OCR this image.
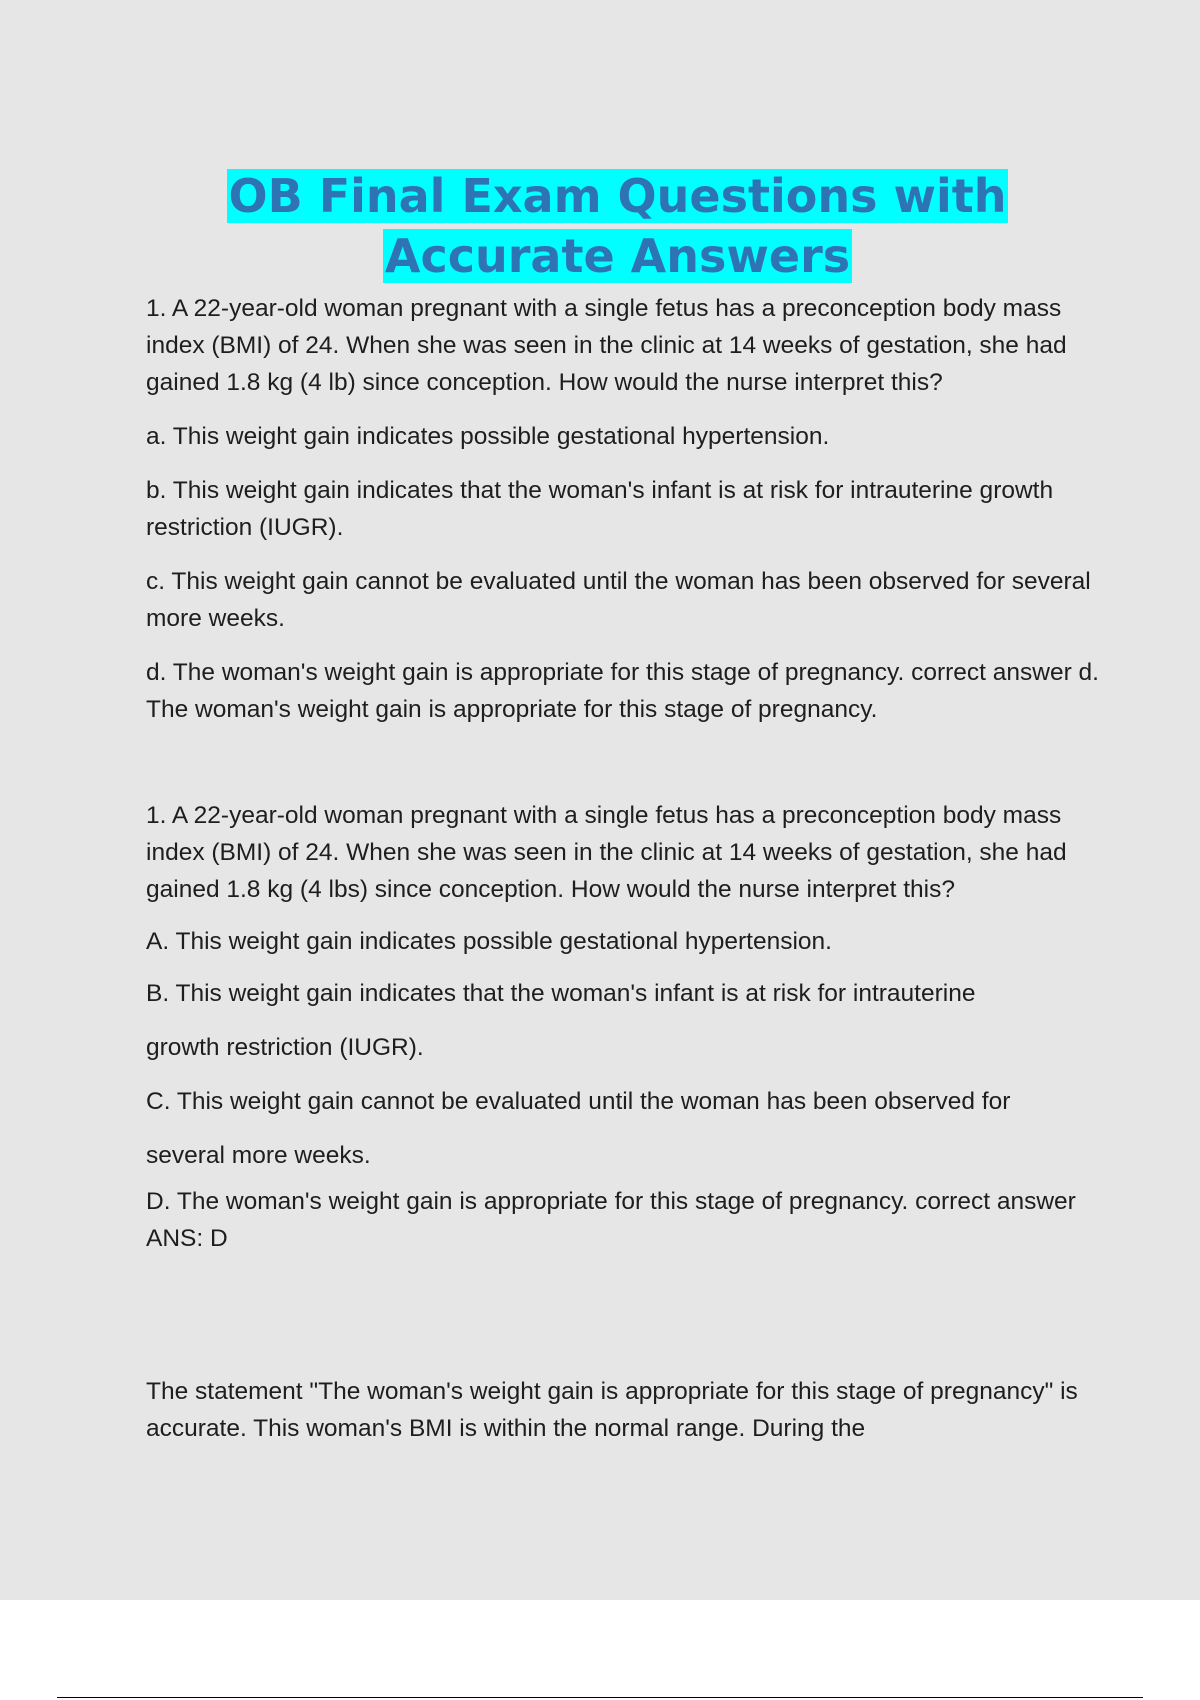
OB Final Exam Questions with
Accurate Answers

1. A 22-year-old woman pregnant with a single fetus has a preconception body mass index (BMI) of 24. When she was seen in the clinic at 14 weeks of gestation, she had gained 1.8 kg (4 lb) since conception. How would the nurse interpret this?

a. This weight gain indicates possible gestational hypertension.

b. This weight gain indicates that the woman's infant is at risk for intrauterine growth restriction (IUGR).

c. This weight gain cannot be evaluated until the woman has been observed for several more weeks.

d. The woman's weight gain is appropriate for this stage of pregnancy. correct answer d. The woman's weight gain is appropriate for this stage of pregnancy.

1. A 22-year-old woman pregnant with a single fetus has a preconception body mass index (BMI) of 24. When she was seen in the clinic at 14 weeks of gestation, she had gained 1.8 kg (4 lbs) since conception. How would the nurse interpret this?

A. This weight gain indicates possible gestational hypertension.

B. This weight gain indicates that the woman's infant is at risk for intrauterine

growth restriction (IUGR).

C. This weight gain cannot be evaluated until the woman has been observed for

several more weeks.

D. The woman's weight gain is appropriate for this stage of pregnancy. correct answer ANS: D

The statement "The woman's weight gain is appropriate for this stage of pregnancy" is accurate. This woman's BMI is within the normal range. During the
